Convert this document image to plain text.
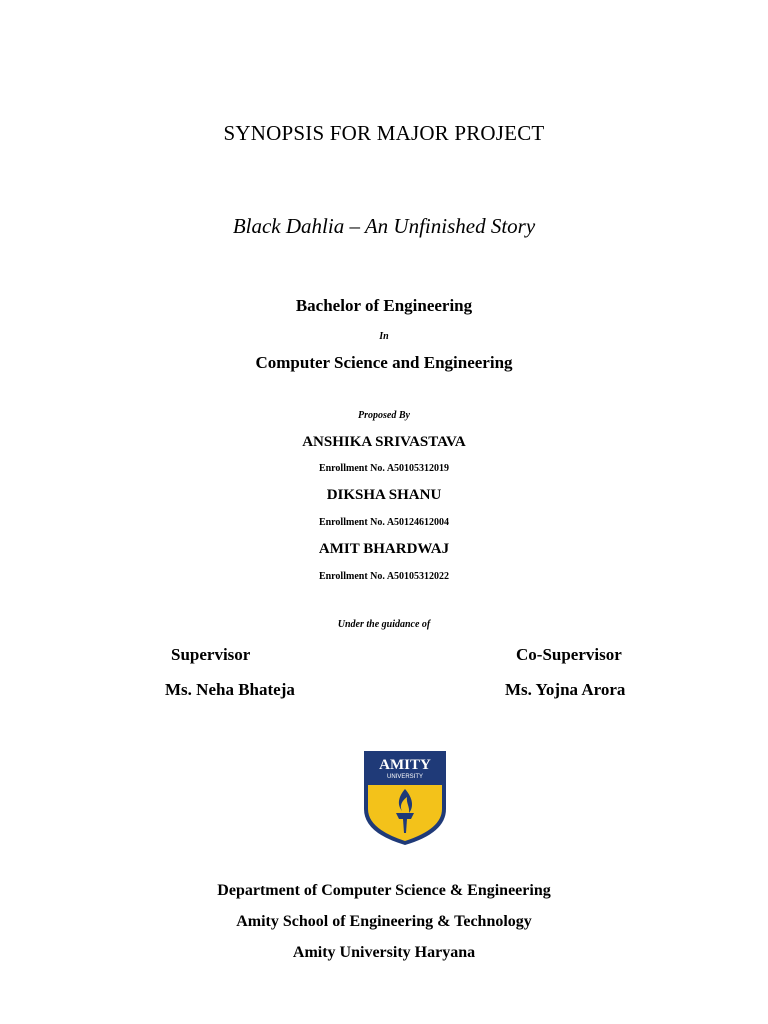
SYNOPSIS FOR MAJOR PROJECT

Black Dahlia – An Unfinished Story

Bachelor of Engineering

In

Computer Science and Engineering

Proposed By

ANSHIKA SRIVASTAVA

Enrollment No. A50105312019

DIKSHA SHANU

Enrollment No. A50124612004

AMIT BHARDWAJ

Enrollment No. A50105312022

Under the guidance of

Supervisor

Ms. Neha Bhateja

Co-Supervisor

Ms. Yojna Arora

AMITY
UNIVERSITY

Department of Computer Science & Engineering

Amity School of Engineering & Technology

Amity University Haryana
